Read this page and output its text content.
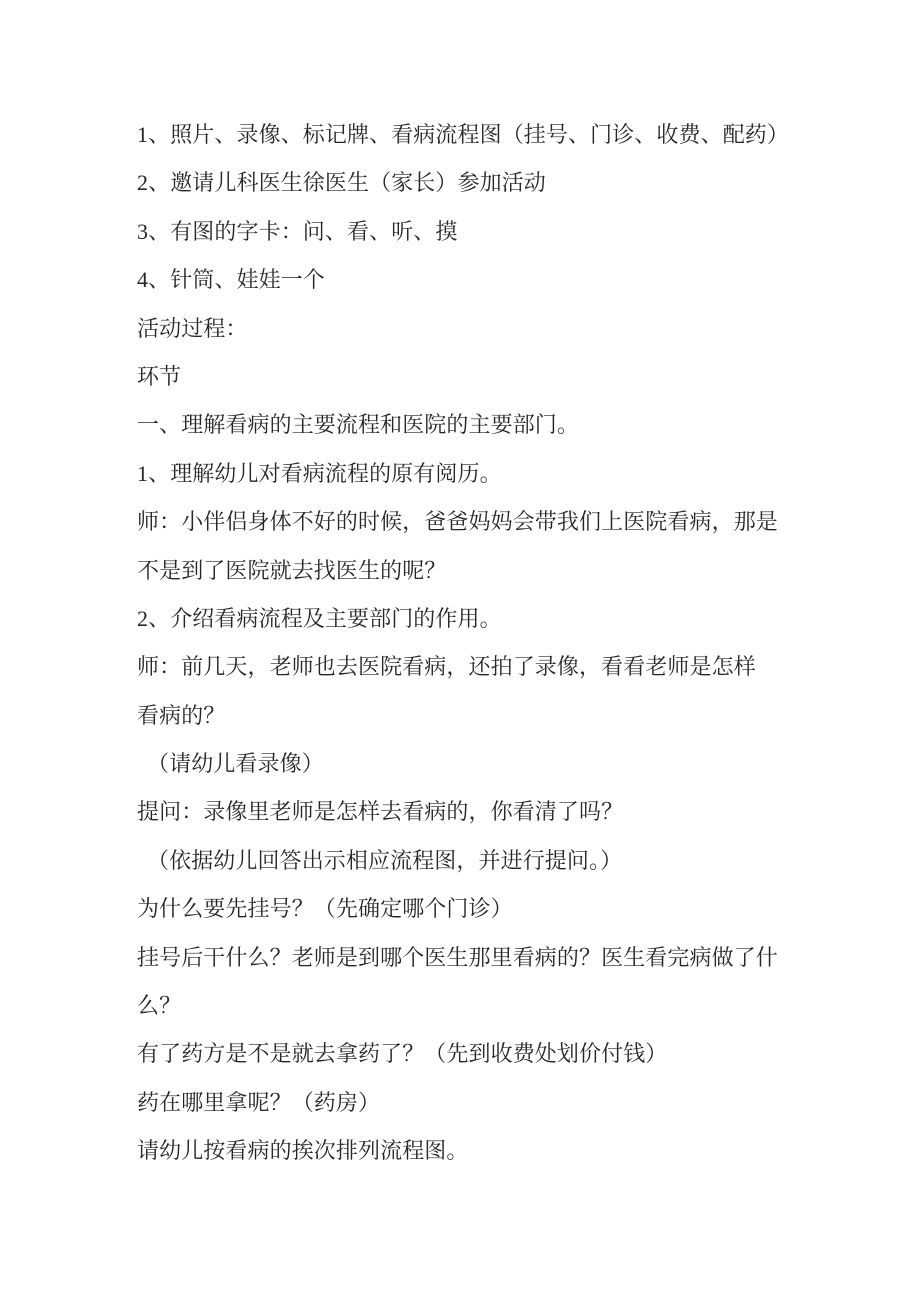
1、照片、录像、标记牌、看病流程图（挂号、门诊、收费、配药）
2、邀请儿科医生徐医生（家长）参加活动
3、有图的字卡：问、看、听、摸
4、针筒、娃娃一个
活动过程：
环节
一、理解看病的主要流程和医院的主要部门。
1、理解幼儿对看病流程的原有阅历。
师：小伴侣身体不好的时候，爸爸妈妈会带我们上医院看病，那是
不是到了医院就去找医生的呢？
2、介绍看病流程及主要部门的作用。
师：前几天，老师也去医院看病，还拍了录像，看看老师是怎样
看病的？
（请幼儿看录像）
提问：录像里老师是怎样去看病的，你看清了吗？
（依据幼儿回答出示相应流程图，并进行提问。）
为什么要先挂号？（先确定哪个门诊）
挂号后干什么？老师是到哪个医生那里看病的？医生看完病做了什
么？
有了药方是不是就去拿药了？（先到收费处划价付钱）
药在哪里拿呢？（药房）
请幼儿按看病的挨次排列流程图。
